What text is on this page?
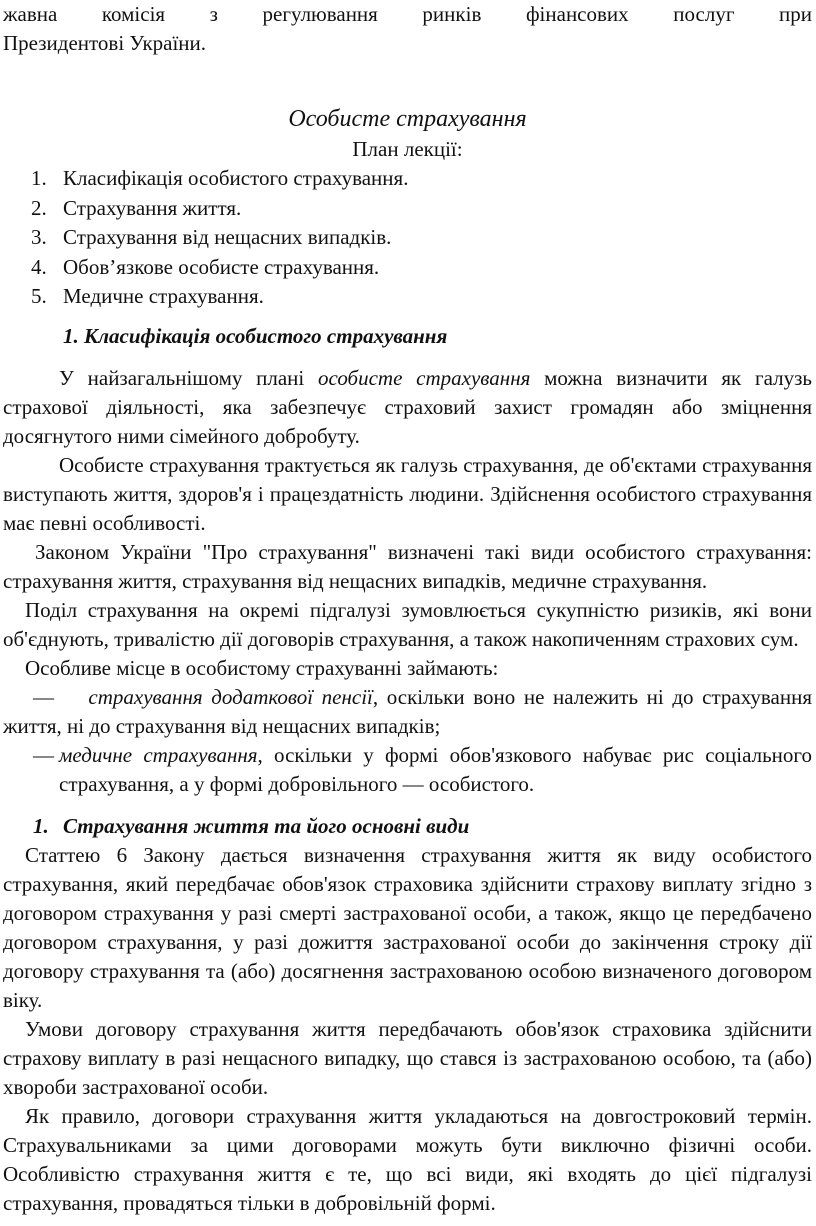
жавна комісія з регулювання ринків фінансових послуг при

Президентові України.

Особисте страхування
План лекції:
1. Класифікація особистого страхування.
2. Страхування життя.
3. Страхування від нещасних випадків.
4. Обов’язкове особисте страхування.
5. Медичне страхування.
1. Класифікація особистого страхування

У найзагальнішому плані особисте страхування можна визначити як галузь страхової діяльності, яка забезпечує страховий захист громадян або зміцнення досягнутого ними сімейного добробуту.

Особисте страхування трактується як галузь страхування, де об'єктами страхування виступають життя, здоров'я і працездатність людини. Здійснення особистого страхування має певні особливості.

Законом України "Про страхування" визначені такі види особистого страхування: страхування життя, страхування від нещасних випадків, медичне страхування.

Поділ страхування на окремі підгалузі зумовлюється сукупністю ризиків, які вони об'єднують, тривалістю дії договорів страхування, а також накопиченням страхових сум.

Особливе місце в особистому страхуванні займають:

— страхування додаткової пенсії, оскільки воно не належить ні до страхування життя, ні до страхування від нещасних випадків;

— медичне страхування, оскільки у формі обов'язкового набуває рис соціального страхування, а у формі добровільного — особистого.

1. Страхування життя та його основні види

Статтею 6 Закону дається визначення страхування життя як виду особистого страхування, який передбачає обов'язок страховика здійснити страхову виплату згідно з договором страхування у разі смерті застрахованої особи, а також, якщо це передбачено договором страхування, у разі дожиття застрахованої особи до закінчення строку дії договору страхування та (або) досягнення застрахованою особою визначеного договором віку.

Умови договору страхування життя передбачають обов'язок страховика здійснити страхову виплату в разі нещасного випадку, що стався із застрахованою особою, та (або) хвороби застрахованої особи.

Як правило, договори страхування життя укладаються на довгостроковий термін. Страхувальниками за цими договорами можуть бути виключно фізичні особи. Особливістю страхування життя є те, що всі види, які входять до цієї підгалузі страхування, провадяться тільки в добровільній формі.
